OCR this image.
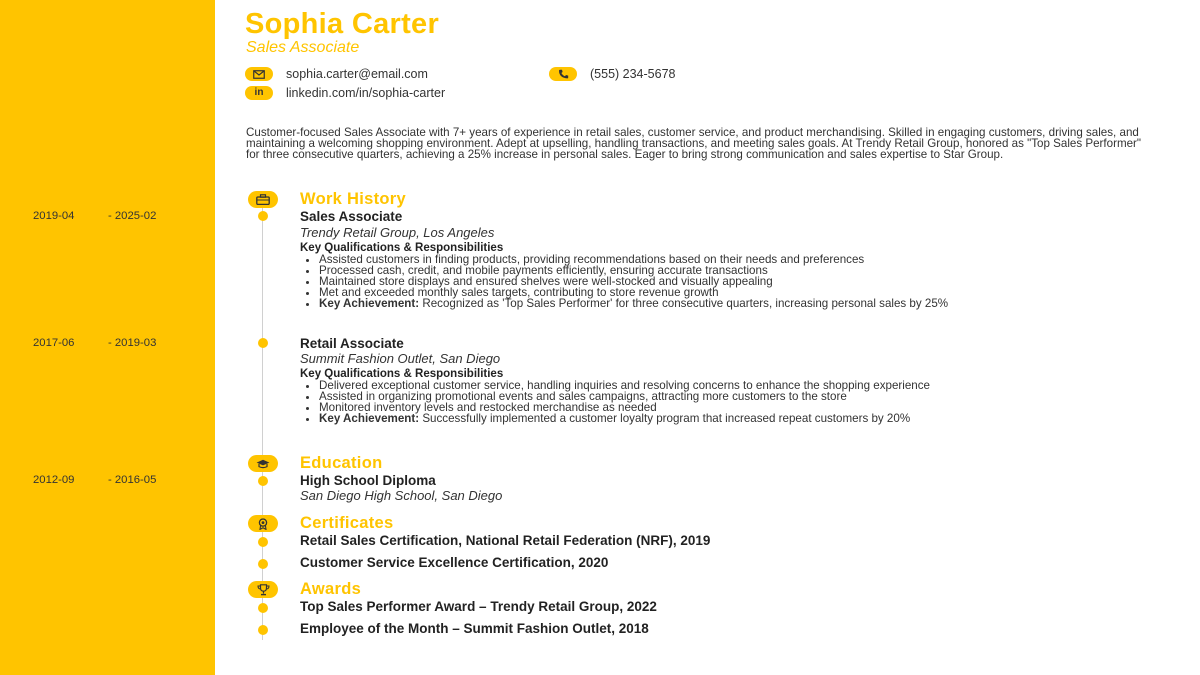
Sophia Carter
Sales Associate
sophia.carter@email.com	(555) 234-5678
in linkedin.com/in/sophia-carter
Customer-focused Sales Associate with 7+ years of experience in retail sales, customer service, and product merchandising. Skilled in engaging customers, driving sales, and maintaining a welcoming shopping environment. Adept at upselling, handling transactions, and meeting sales goals. At Trendy Retail Group, honored as "Top Sales Performer" for three consecutive quarters, achieving a 25% increase in personal sales. Eager to bring strong communication and sales expertise to Star Group.
Work History
2019-04	- 2025-02	Sales Associate
Trendy Retail Group, Los Angeles
Key Qualifications & Responsibilities
• Assisted customers in finding products, providing recommendations based on their needs and preferences
• Processed cash, credit, and mobile payments efficiently, ensuring accurate transactions
• Maintained store displays and ensured shelves were well-stocked and visually appealing
• Met and exceeded monthly sales targets, contributing to store revenue growth
• Key Achievement: Recognized as 'Top Sales Performer' for three consecutive quarters, increasing personal sales by 25%
2017-06	- 2019-03	Retail Associate
Summit Fashion Outlet, San Diego
Key Qualifications & Responsibilities
• Delivered exceptional customer service, handling inquiries and resolving concerns to enhance the shopping experience
• Assisted in organizing promotional events and sales campaigns, attracting more customers to the store
• Monitored inventory levels and restocked merchandise as needed
• Key Achievement: Successfully implemented a customer loyalty program that increased repeat customers by 20%
Education
2012-09	- 2016-05	High School Diploma
San Diego High School, San Diego
Certificates
Retail Sales Certification, National Retail Federation (NRF), 2019
Customer Service Excellence Certification, 2020
Awards
Top Sales Performer Award – Trendy Retail Group, 2022
Employee of the Month – Summit Fashion Outlet, 2018
